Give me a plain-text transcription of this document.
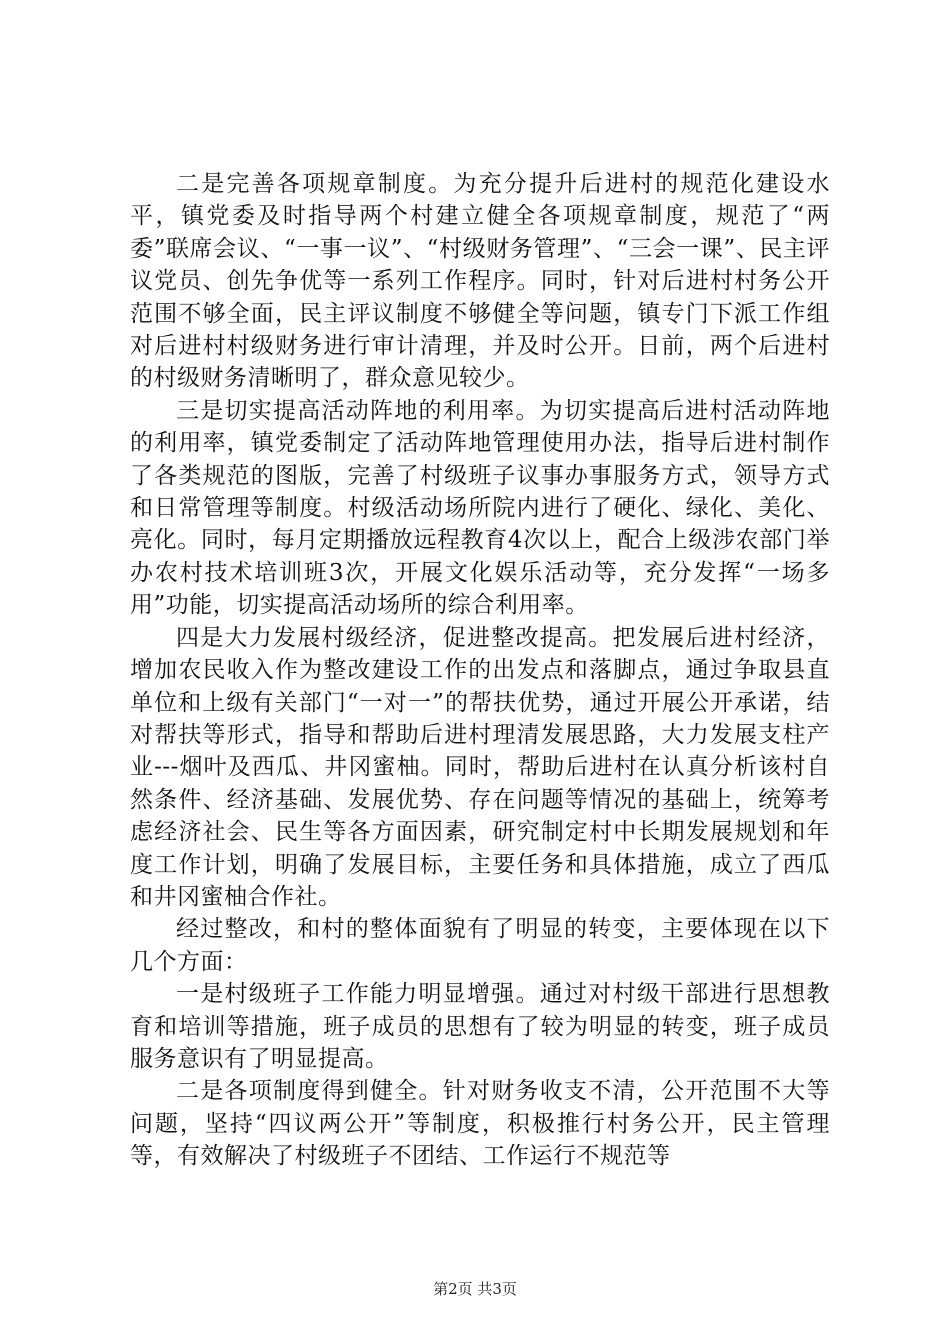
二是完善各项规章制度。为充分提升后进村的规范化建设水平，镇党委及时指导两个村建立健全各项规章制度，规范了“两委”联席会议、“一事一议”、“村级财务管理”、“三会一课”、民主评议党员、创先争优等一系列工作程序。同时，针对后进村村务公开范围不够全面，民主评议制度不够健全等问题，镇专门下派工作组对后进村村级财务进行审计清理，并及时公开。日前，两个后进村的村级财务清晰明了，群众意见较少。

三是切实提高活动阵地的利用率。为切实提高后进村活动阵地的利用率，镇党委制定了活动阵地管理使用办法，指导后进村制作了各类规范的图版，完善了村级班子议事办事服务方式，领导方式和日常管理等制度。村级活动场所院内进行了硬化、绿化、美化、亮化。同时，每月定期播放远程教育4次以上，配合上级涉农部门举办农村技术培训班3次，开展文化娱乐活动等，充分发挥“一场多用”功能，切实提高活动场所的综合利用率。

四是大力发展村级经济，促进整改提高。把发展后进村经济，增加农民收入作为整改建设工作的出发点和落脚点，通过争取县直单位和上级有关部门“一对一”的帮扶优势，通过开展公开承诺，结对帮扶等形式，指导和帮助后进村理清发展思路，大力发展支柱产业---烟叶及西瓜、井冈蜜柚。同时，帮助后进村在认真分析该村自然条件、经济基础、发展优势、存在问题等情况的基础上，统筹考虑经济社会、民生等各方面因素，研究制定村中长期发展规划和年度工作计划，明确了发展目标，主要任务和具体措施，成立了西瓜和井冈蜜柚合作社。

经过整改，和村的整体面貌有了明显的转变，主要体现在以下几个方面：

一是村级班子工作能力明显增强。通过对村级干部进行思想教育和培训等措施，班子成员的思想有了较为明显的转变，班子成员服务意识有了明显提高。

二是各项制度得到健全。针对财务收支不清，公开范围不大等问题，坚持“四议两公开”等制度，积极推行村务公开，民主管理等，有效解决了村级班子不团结、工作运行不规范等

第2页 共3页
